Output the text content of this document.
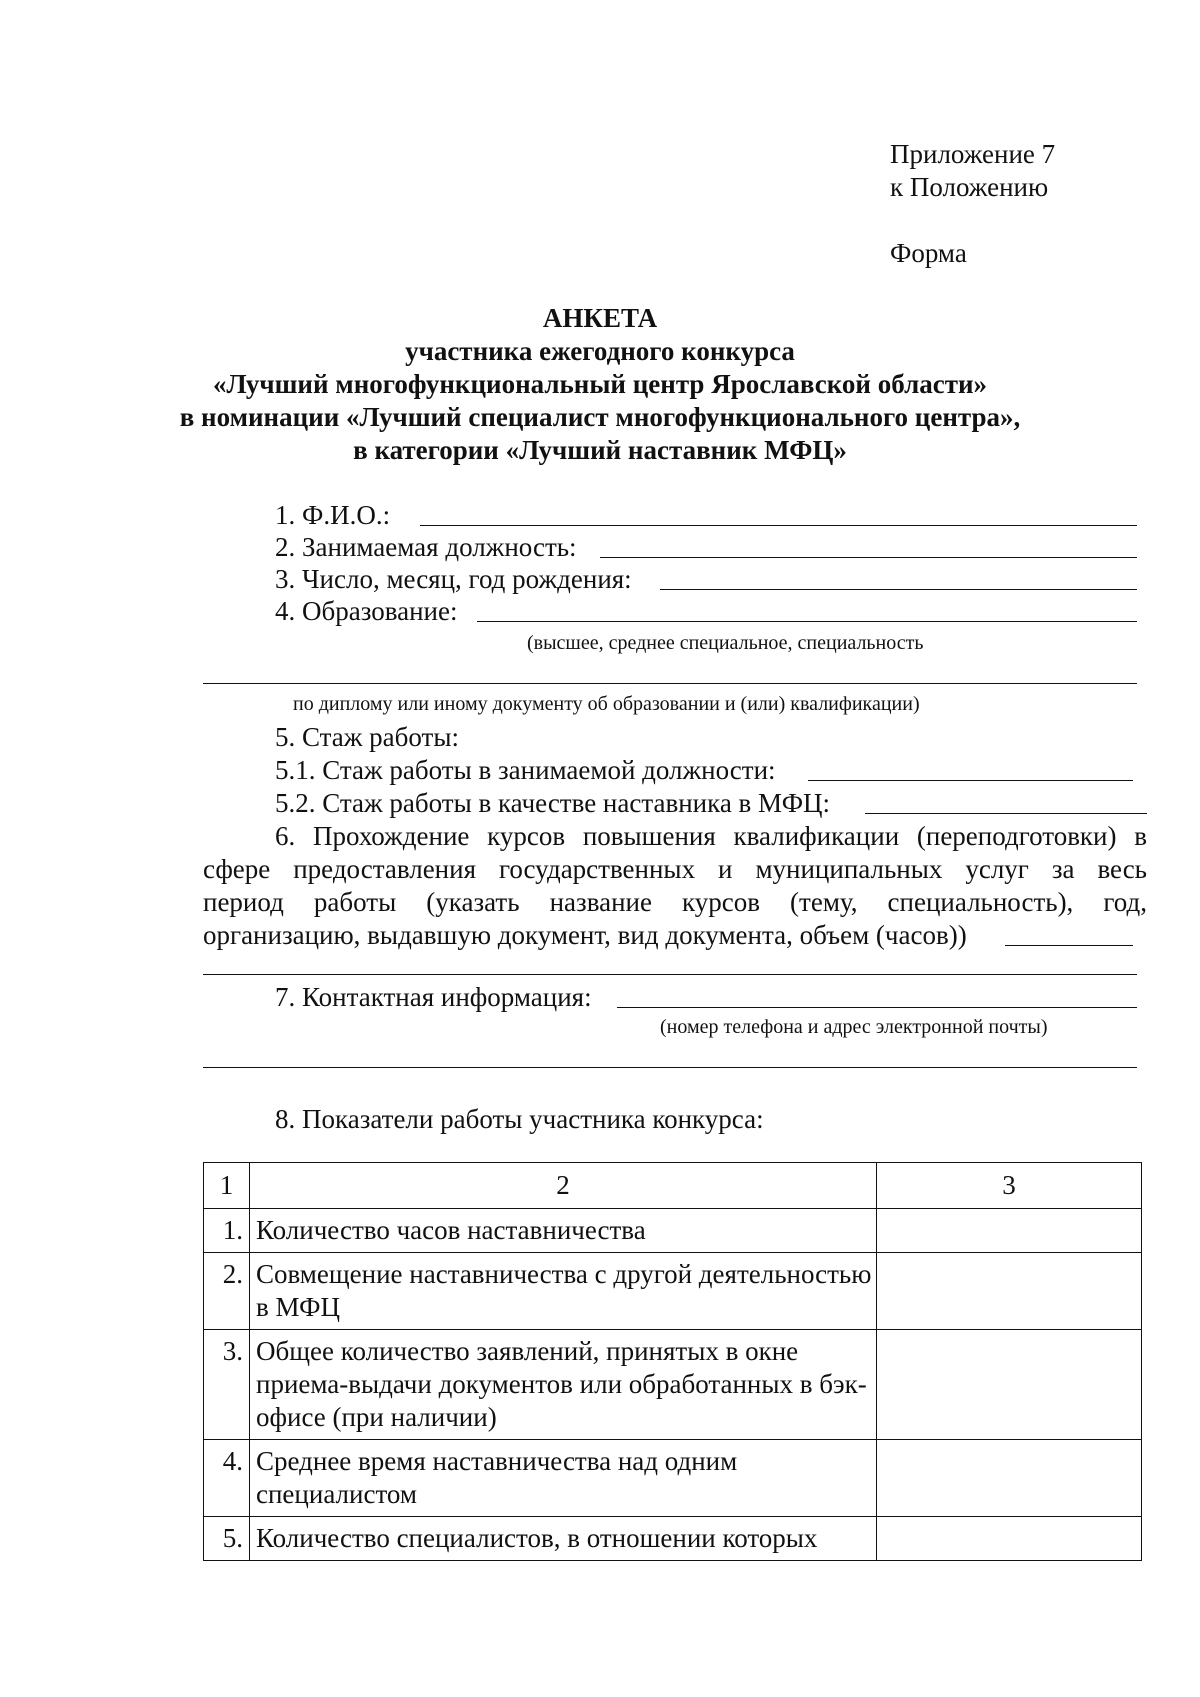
Приложение 7
к Положению
Форма
АНКЕТА
участника ежегодного конкурса
«Лучший многофункциональный центр Ярославской области»
в номинации «Лучший специалист многофункционального центра»,
в категории «Лучший наставник МФЦ»
1. Ф.И.О.:
2. Занимаемая должность:
3. Число, месяц, год рождения:
4. Образование:
(высшее, среднее специальное, специальность
по диплому или иному документу об образовании и (или) квалификации)
5. Стаж работы:
5.1. Стаж работы в занимаемой должности:
5.2. Стаж работы в качестве наставника в МФЦ:
6. Прохождение курсов повышения квалификации (переподготовки) в
сфере предоставления государственных и муниципальных услуг за весь
период работы (указать название курсов (тему, специальность), год,
организацию, выдавшую документ, вид документа, объем (часов))
7. Контактная информация:
(номер телефона и адрес электронной почты)
8. Показатели работы участника конкурса:
1	2	3
1.	Количество часов наставничества	
2.	Совмещение наставничества с другой деятельностью в МФЦ	
3.	Общее количество заявлений, принятых в окне приема-выдачи документов или обработанных в бэк-офисе (при наличии)	
4.	Среднее время наставничества над одним специалистом	
5.	Количество специалистов, в отношении которых	
